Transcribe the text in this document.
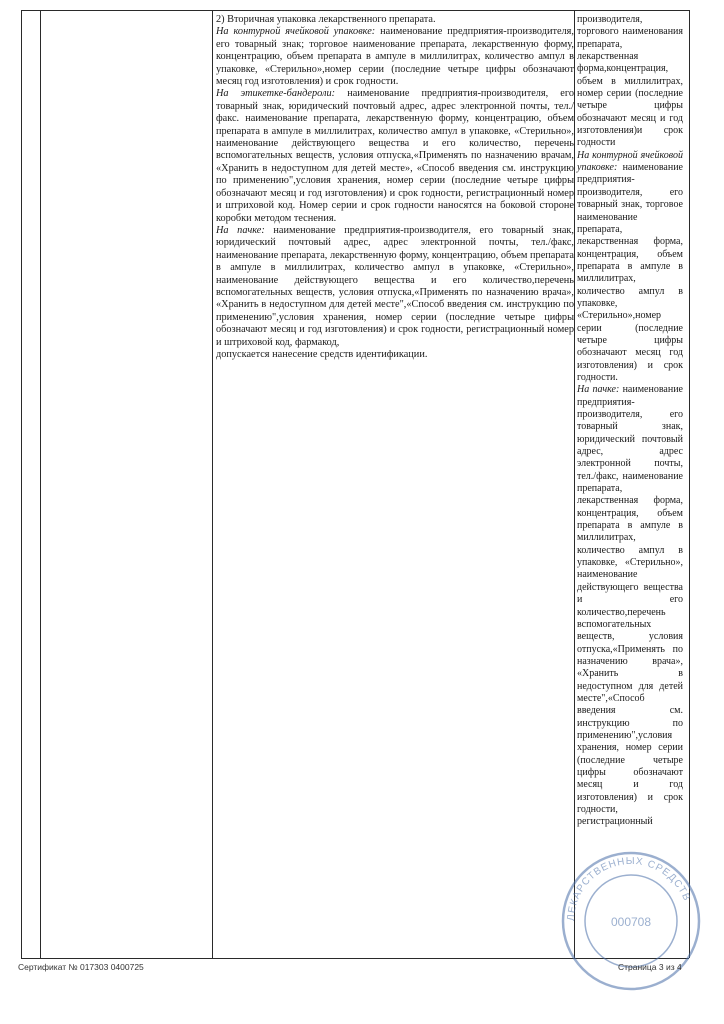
2) Вторичная упаковка лекарственного препарата.

На контурной ячейковой упаковке: наименование предприятия-производителя, его товарный знак; торговое наименование препарата, лекарственную форму, концентрацию, объем препарата в ампуле в миллилитрах, количество ампул в упаковке, «Стерильно»,номер серии (последние четыре цифры обозначают месяц год изготовления) и срок годности.

На этикетке-бандероли: наименование предприятия-производителя, его товарный знак, юридический почтовый адрес, адрес электронной почты, тел./факс. наименование препарата, лекарственную форму, концентрацию, объем препарата в ампуле в миллилитрах, количество ампул в упаковке, «Стерильно», наименование действующего вещества и его количество, перечень вспомогательных веществ, условия отпуска,«Применять по назначению врачам, «Хранить в недоступном для детей месте», «Способ введения см. инструкцию по применению",условия хранения, номер серии (последние четыре цифры обозначают месяц и год изготовления) и срок годности, регистрационный номер и штриховой код. Номер серии и срок годности наносятся на боковой стороне коробки методом теснения.

На пачке: наименование предприятия-производителя, его товарный знак, юридический почтовый адрес, адрес электронной почты, тел./факс, наименование препарата, лекарственную форму, концентрацию, объем препарата в ампуле в миллилитрах, количество ампул в упаковке, «Стерильно», наименование действующего вещества и его количество,перечень вспомогательных веществ, условия отпуска,«Применять по назначению врача», «Хранить в недоступном для детей месте",«Способ введения см. инструкцию по применению",условия хранения, номер серии (последние четыре цифры обозначают месяц и год изготовления) и срок годности, регистрационный номер и штриховой код, фармакод,

допускается нанесение средств идентификации.

производителя, торгового наименования препарата, лекарственная форма,концентрация, объем в миллилитрах, номер серии (последние четыре цифры обозначают месяц и год изготовления)и срок годности

На контурной ячейковой упаковке: наименование предприятия-производителя, его товарный знак, торговое наименование препарата, лекарственная форма, концентрация, объем препарата в ампуле в миллилитрах, количество ампул в упаковке, «Стерильно»,номер серии (последние четыре цифры обозначают месяц год изготовления) и срок годности.

На пачке: наименование предприятия-производителя, его товарный знак, юридический почтовый адрес, адрес электронной почты, тел./факс, наименование препарата, лекарственная форма, концентрация, объем препарата в ампуле в миллилитрах, количество ампул в упаковке, «Стерильно», наименование действующего вещества и его количество,перечень вспомогательных веществ, условия отпуска,«Применять по назначению врача», «Хранить в недоступном для детей месте",«Способ введения см. инструкцию по применению",условия хранения, номер серии (последние четыре цифры обозначают месяц и год изготовления) и срок годности, регистрационный

ЛЕКАРСТВЕННЫХ СРЕДСТВ
000708
Сертификат № 017303 0400725	Страница 3 из 4
